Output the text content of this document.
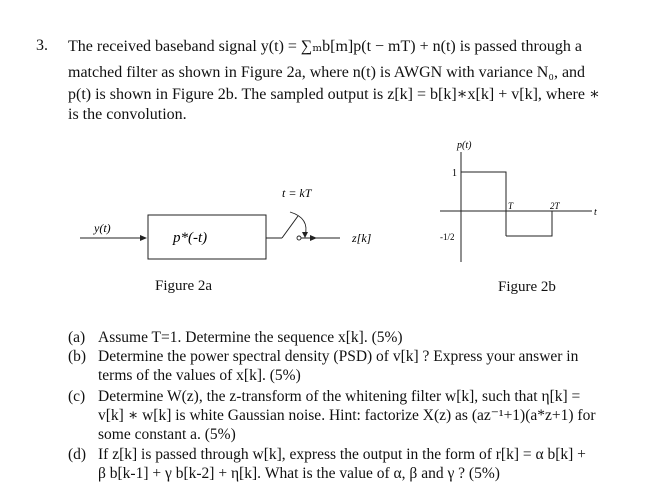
3. The received baseband signal y(t) = ∑ₘb[m]p(t − mT) + n(t) is passed through a
matched filter as shown in Figure 2a, where n(t) is AWGN with variance N₀, and
p(t) is shown in Figure 2b. The sampled output is z[k] = b[k]∗x[k] + v[k], where ∗
is the convolution.
y(t)
p*(-t)
t = kT
z[k]
p(t)
t
1
-1/2
T	2T
Figure 2a	Figure 2b
(a) Assume T=1. Determine the sequence x[k]. (5%)
(b) Determine the power spectral density (PSD) of v[k] ? Express your answer in
terms of the values of x[k]. (5%)
(c) Determine W(z), the z-transform of the whitening filter w[k], such that η[k] =
v[k] ∗ w[k] is white Gaussian noise. Hint: factorize X(z) as (az⁻¹+1)(a*z+1) for
some constant a. (5%)
(d) If z[k] is passed through w[k], express the output in the form of r[k] = α b[k] +
β b[k-1] + γ b[k-2] + η[k]. What is the value of α, β and γ ? (5%)
